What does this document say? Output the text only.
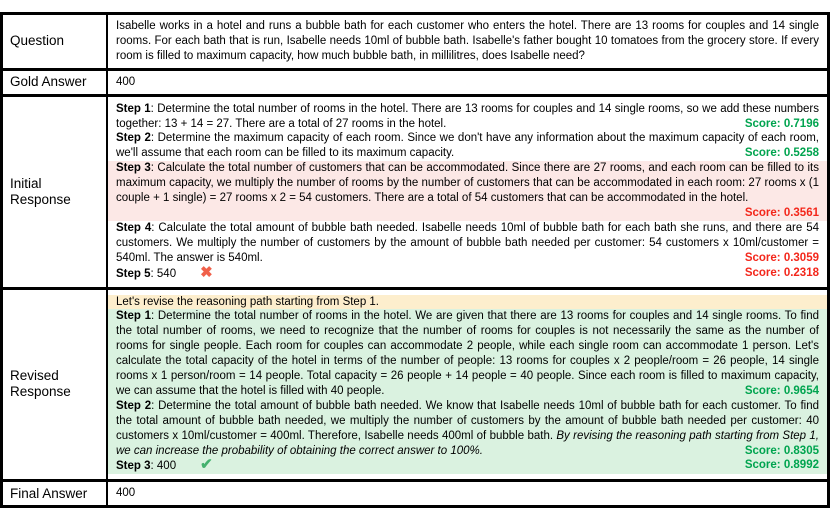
Question
Isabelle works in a hotel and runs a bubble bath for each customer who enters the hotel. There are 13 rooms for couples and 14 single rooms. For each bath that is run, Isabelle needs 10ml of bubble bath. Isabelle's father bought 10 tomatoes from the grocery store. If every room is filled to maximum capacity, how much bubble bath, in millilitres, does Isabelle need?
Gold Answer	400
Initial Response
Step 1: Determine the total number of rooms in the hotel. There are 13 rooms for couples and 14 single rooms, so we add these numbers together: 13 + 14 = 27. There are a total of 27 rooms in the hotel.	Score: 0.7196
Step 2: Determine the maximum capacity of each room. Since we don't have any information about the maximum capacity of each room, we'll assume that each room can be filled to its maximum capacity.	Score: 0.5258
Step 3: Calculate the total number of customers that can be accommodated. Since there are 27 rooms, and each room can be filled to its maximum capacity, we multiply the number of rooms by the number of customers that can be accommodated in each room: 27 rooms x (1 couple + 1 single) = 27 rooms x 2 = 54 customers. There are a total of 54 customers that can be accommodated in the hotel.
Score: 0.3561
Step 4: Calculate the total amount of bubble bath needed. Isabelle needs 10ml of bubble bath for each bath she runs, and there are 54 customers. We multiply the number of customers by the amount of bubble bath needed per customer: 54 customers x 10ml/customer = 540ml. The answer is 540ml.	Score: 0.3059
Step 5: 540 ✖	Score: 0.2318
Revised Response
Let's revise the reasoning path starting from Step 1.
Step 1: Determine the total number of rooms in the hotel. We are given that there are 13 rooms for couples and 14 single rooms. To find the total number of rooms, we need to recognize that the number of rooms for couples is not necessarily the same as the number of rooms for single people. Each room for couples can accommodate 2 people, while each single room can accommodate 1 person. Let's calculate the total capacity of the hotel in terms of the number of people: 13 rooms for couples x 2 people/room = 26 people, 14 single rooms x 1 person/room = 14 people. Total capacity = 26 people + 14 people = 40 people. Since each room is filled to maximum capacity, we can assume that the hotel is filled with 40 people.	Score: 0.9654
Step 2: Determine the total amount of bubble bath needed. We know that Isabelle needs 10ml of bubble bath for each customer. To find the total amount of bubble bath needed, we multiply the number of customers by the amount of bubble bath needed per customer: 40 customers x 10ml/customer = 400ml. Therefore, Isabelle needs 400ml of bubble bath. By revising the reasoning path starting from Step 1, we can increase the probability of obtaining the correct answer to 100%.	Score: 0.8305
Step 3: 400 ✔	Score: 0.8992
Final Answer	400
